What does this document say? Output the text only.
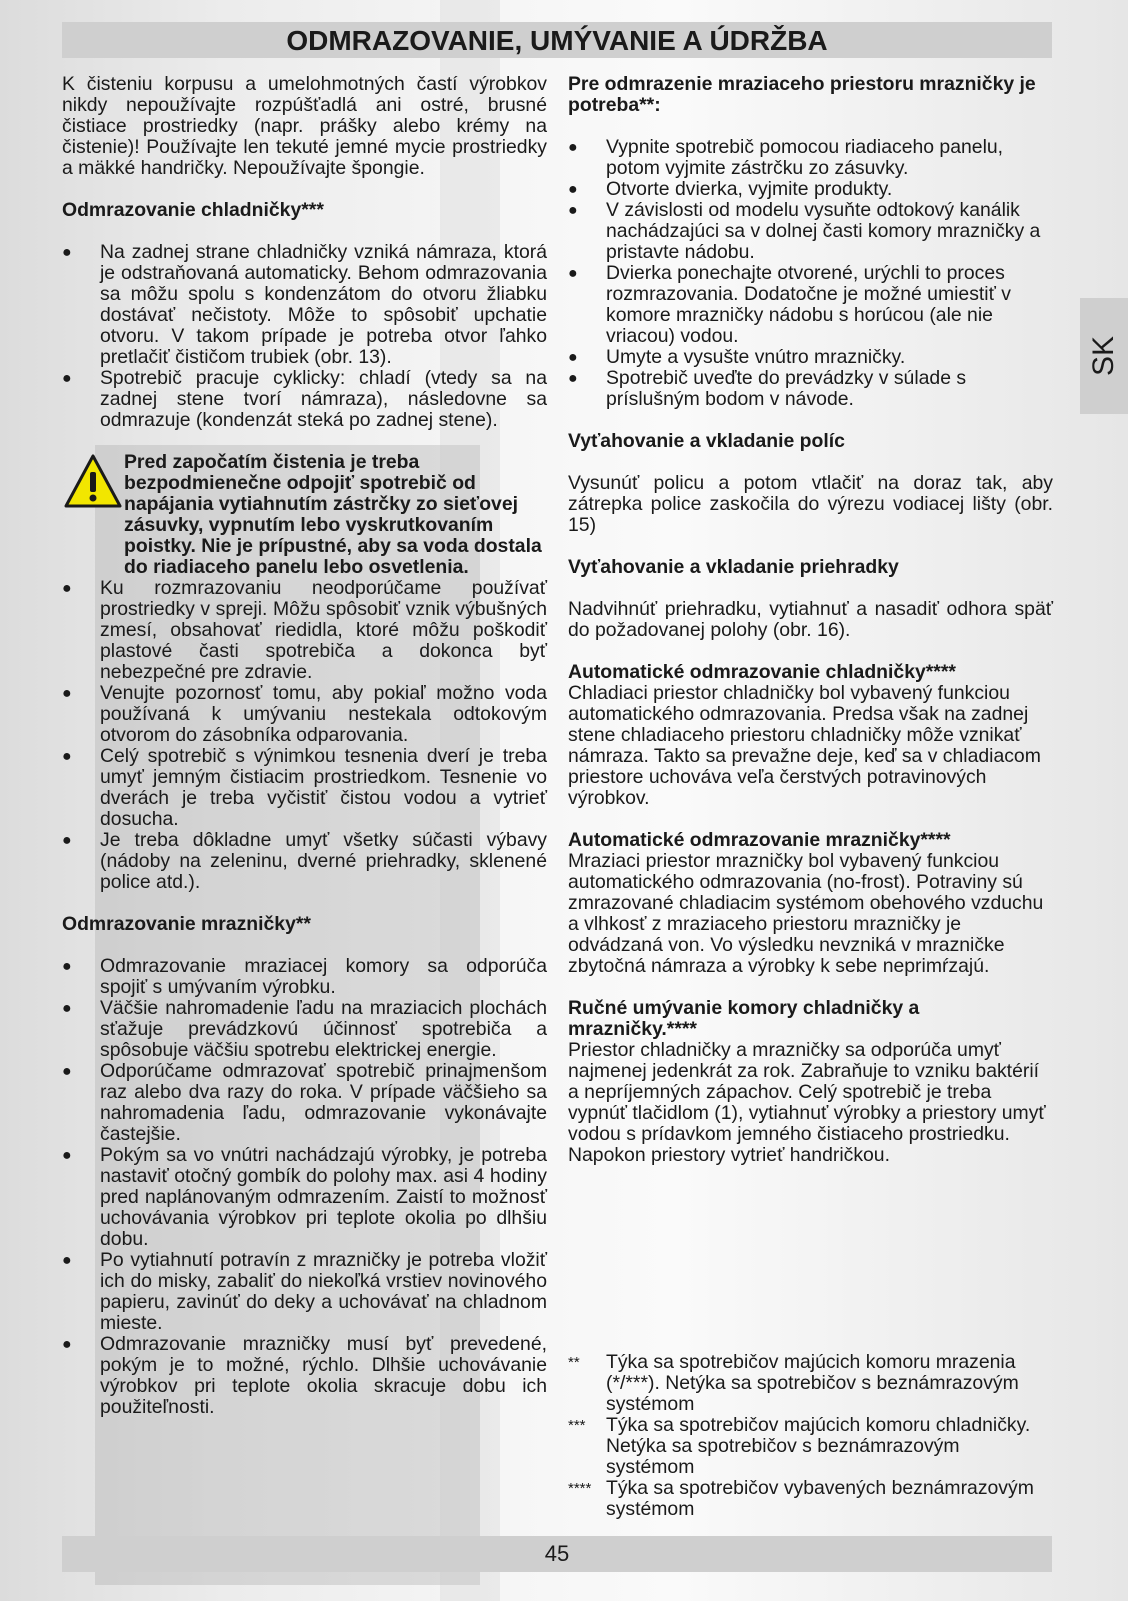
ODMRAZOVANIE, UMÝVANIE A ÚDRŽBA
SK

K čisteniu korpusu a umelohmotných častí výrobkov nikdy nepoužívajte rozpúšťadlá ani ostré, brusné čistiace prostriedky (napr. prášky alebo krémy na čistenie)! Používajte len tekuté jemné mycie prostriedky a mäkké handričky. Nepoužívajte špongie.

Odmrazovanie chladničky***

● Na zadnej strane chladničky vzniká námraza, ktorá je odstraňovaná automaticky. Behom odmrazovania sa môžu spolu s kondenzátom do otvoru žliabku dostávať nečistoty. Môže to spôsobiť upchatie otvoru. V takom prípade je potreba otvor ľahko pretlačiť čističom trubiek (obr. 13).
● Spotrebič pracuje cyklicky: chladí (vtedy sa na zadnej stene tvorí námraza), následovne sa odmrazuje (kondenzát steká po zadnej stene).

Pred započatím čistenia je treba bezpodmienečne odpojiť spotrebič od napájania vytiahnutím zástrčky zo sieťovej zásuvky, vypnutím lebo vyskrutkovaním poistky. Nie je prípustné, aby sa voda dostala do riadiaceho panelu lebo osvetlenia.

● Ku rozmrazovaniu neodporúčame používať prostriedky v spreji. Môžu spôsobiť vznik výbušných zmesí, obsahovať riedidla, ktoré môžu poškodiť plastové časti spotrebiča a dokonca byť nebezpečné pre zdravie.
● Venujte pozornosť tomu, aby pokiaľ možno voda používaná k umývaniu nestekala odtokovým otvorom do zásobníka odparovania.
● Celý spotrebič s výnimkou tesnenia dverí je treba umyť jemným čistiacim prostriedkom. Tesnenie vo dverách je treba vyčistiť čistou vodou a vytrieť dosucha.
● Je treba dôkladne umyť všetky súčasti výbavy (nádoby na zeleninu, dverné priehradky, sklenené police atd.).

Odmrazovanie mrazničky**

● Odmrazovanie mraziacej komory sa odporúča spojiť s umývaním výrobku.
● Väčšie nahromadenie ľadu na mraziacich plochách sťažuje prevádzkovú účinnosť spotrebiča a spôsobuje väčšiu spotrebu elektrickej energie.
● Odporúčame odmrazovať spotrebič prinajmenšom raz alebo dva razy do roka. V prípade väčšieho sa nahromadenia ľadu, odmrazovanie vykonávajte častejšie.
● Pokým sa vo vnútri nachádzajú výrobky, je potreba nastaviť otočný gombík do polohy max. asi 4 hodiny pred naplánovaným odmrazením. Zaistí to možnosť uchovávania výrobkov pri teplote okolia po dlhšiu dobu.
● Po vytiahnutí potravín z mrazničky je potreba vložiť ich do misky, zabaliť do niekoľká vrstiev novinového papieru, zavinúť do deky a uchovávať na chladnom mieste.
● Odmrazovanie mrazničky musí byť prevedené, pokým je to možné, rýchlo. Dlhšie uchovávanie výrobkov pri teplote okolia skracuje dobu ich použiteľnosti.

Pre odmrazenie mraziaceho priestoru mrazničky je potreba**:

● Vypnite spotrebič pomocou riadiaceho panelu, potom vyjmite zástrčku zo zásuvky.
● Otvorte dvierka, vyjmite produkty.
● V závislosti od modelu vysuňte odtokový kanálik nachádzajúci sa v dolnej časti komory mrazničky a pristavte nádobu.
● Dvierka ponechajte otvorené, urýchli to proces rozmrazovania. Dodatočne je možné umiestiť v komore mrazničky nádobu s horúcou (ale nie vriacou) vodou.
● Umyte a vysušte vnútro mrazničky.
● Spotrebič uveďte do prevádzky v súlade s príslušným bodom v návode.

Vyťahovanie a vkladanie políc

Vysunúť policu a potom vtlačiť na doraz tak, aby zátrepka police zaskočila do výrezu vodiacej lišty (obr. 15)

Vyťahovanie a vkladanie priehradky

Nadvihnúť priehradku, vytiahnuť a nasadiť odhora späť do požadovanej polohy (obr. 16).

Automatické odmrazovanie chladničky****

Chladiaci priestor chladničky bol vybavený funkciou automatického odmrazovania. Predsa však na zadnej stene chladiaceho priestoru chladničky môže vznikať námraza. Takto sa prevažne deje, keď sa v chladiacom priestore uchováva veľa čerstvých potravinových výrobkov.

Automatické odmrazovanie mrazničky****

Mraziaci priestor mrazničky bol vybavený funkciou automatického odmrazovania (no-frost). Potraviny sú zmrazované chladiacim systémom obehového vzduchu a vlhkosť z mraziaceho priestoru mrazničky je odvádzaná von. Vo výsledku nevzniká v mrazničke zbytočná námraza a výrobky k sebe neprimŕzajú.

Ručné umývanie komory chladničky a mrazničky.****

Priestor chladničky a mrazničky sa odporúča umyť najmenej jedenkrát za rok. Zabraňuje to vzniku baktérií a nepríjemných zápachov. Celý spotrebič je treba vypnúť tlačidlom (1), vytiahnuť výrobky a priestory umyť vodou s prídavkom jemného čistiaceho prostriedku. Napokon priestory vytrieť handričkou.

** Týka sa spotrebičov majúcich komoru mrazenia (*/***). Netýka sa spotrebičov s beznámrazovým systémom
*** Týka sa spotrebičov majúcich komoru chladničky. Netýka sa spotrebičov s beznámrazovým systémom
**** Týka sa spotrebičov vybavených beznámrazovým systémom
45
